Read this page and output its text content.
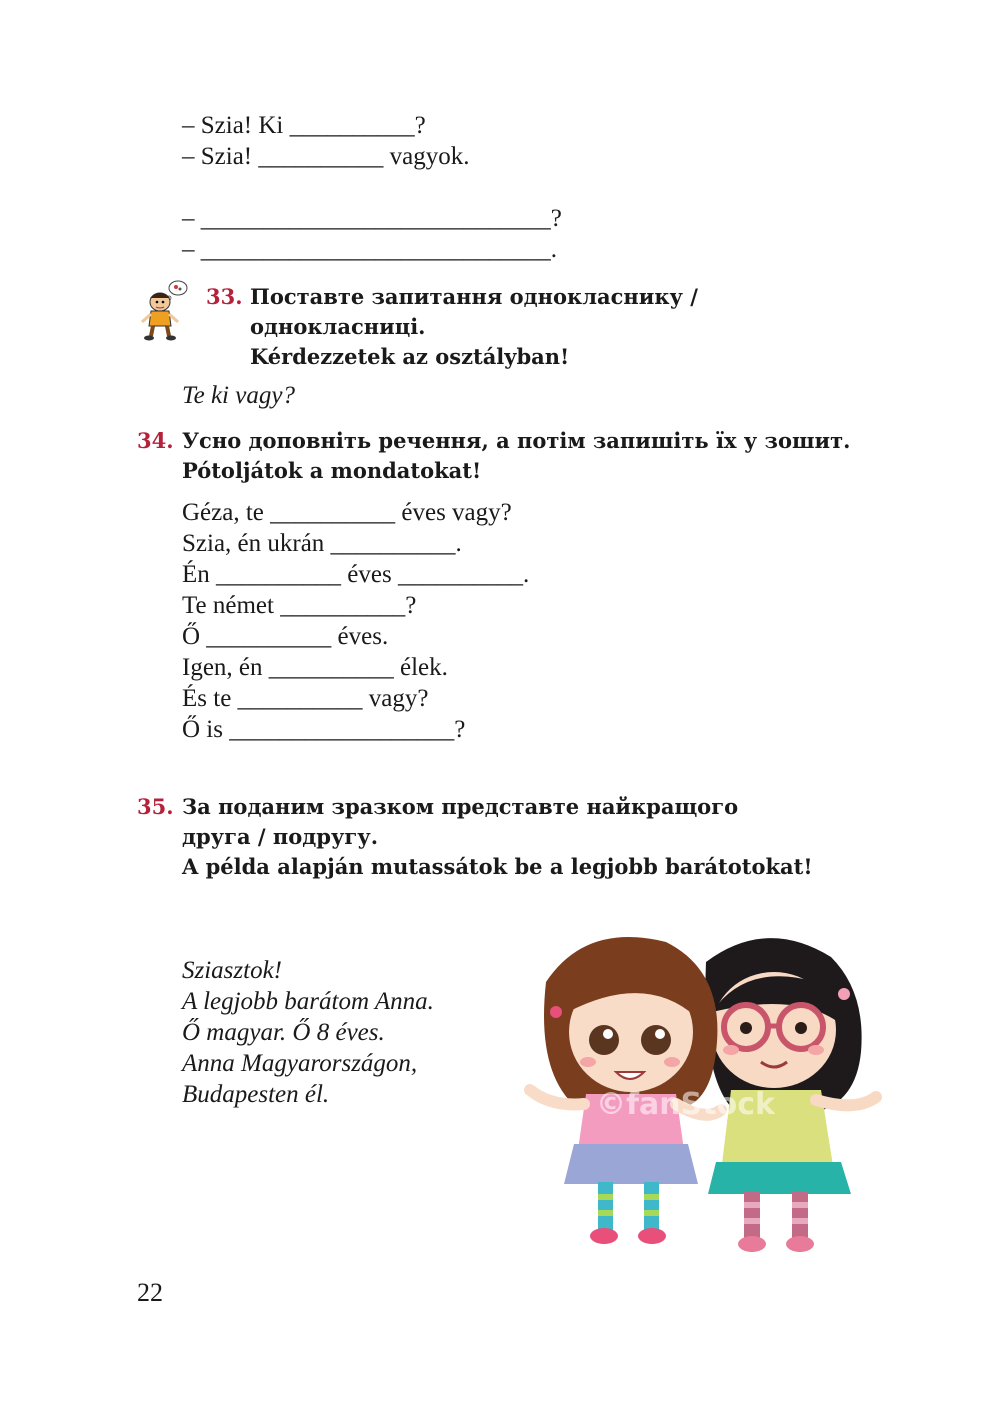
– Szia! Ki __________?
– Szia! __________ vagyok.
– ____________________________?
– ____________________________.
33. Поставте запитання однокласнику /
однокласниці.
Kérdezzetek az osztályban!
Te ki vagy?
34. Усно доповніть речення, а потім запишіть їх у зошит.
Pótoljátok a mondatokat!
Géza, te __________ éves vagy?
Szia, én ukrán __________.
Én __________ éves __________.
Te német __________?
Ő __________ éves.
Igen, én __________ élek.
És te __________ vagy?
Ő is __________________?
35. За поданим зразком представте найкращого
друга / подругу.
A példa alapján mutassátok be a legjobb barátotokat!
Sziasztok!
A legjobb barátom Anna.
Ő magyar. Ő 8 éves.
Anna Magyarországon,
Budapesten él.	©fanStock
22
